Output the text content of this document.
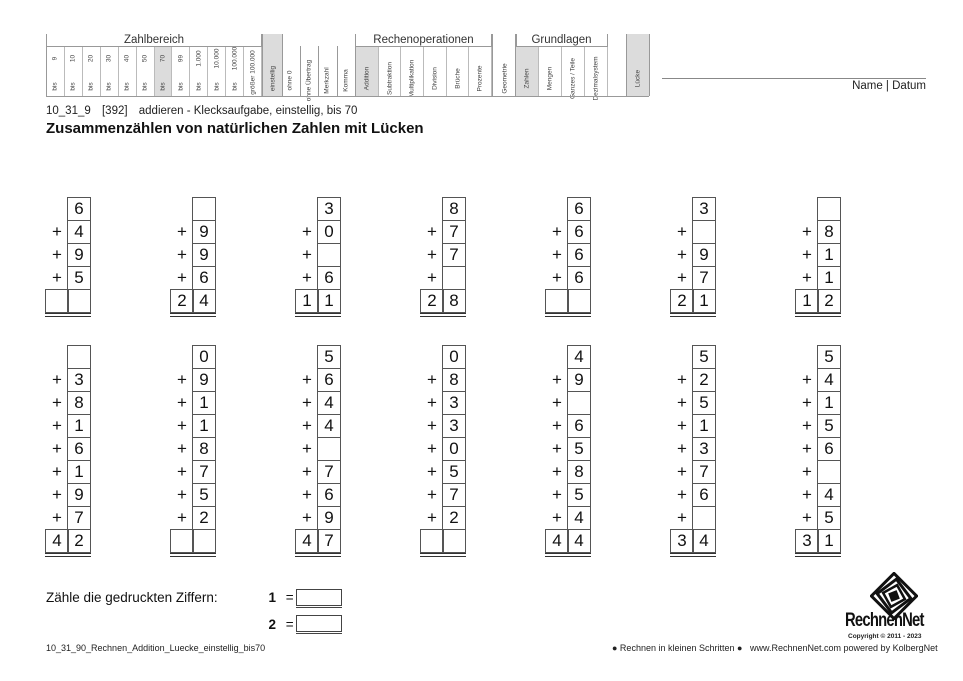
Zahlbereich
9
bis
10
bis
20
bis
30
bis
40
bis
50
bis
70
bis
99
bis
1.000
bis
10.000
bis
100.000
bis größer 100.000 einstellig ohne 0 ohne Übertrag Merkzahl Komma
Rechenoperationen
Addition Subtraktion Multiplikation Division Brüche Prozente	Geometrie
Grundlagen
Zahlen Mengen Ganzes / Teile Dezimalsystem	Lücke	Name | Datum
10_31_9 [392] addieren - Klecksaufgabe, einstellig, bis 70
Zusammenzählen von natürlichen Zahlen mit Lücken
6
+ 4
+ 9
+ 5
+ 9
+ 9
+ 6
2 4
3
+ 0
+
+ 6
1 1
8
+ 7
+ 7
+
2 8
6
+ 6
+ 6
+ 6
3
+
+ 9
+ 7
2 1
+ 8
+ 1
+ 1
1 2
+ 3
+ 8
+ 1
+ 6
+ 1
+ 9
+ 7
4 2
0
+ 9
+ 1
+ 1
+ 8
+ 7
+ 5
+ 2
5
+ 6
+ 4
+ 4
+
+ 7
+ 6
+ 9
4 7
0
+ 8
+ 3
+ 3
+ 0
+ 5
+ 7
+ 2
4
+ 9
+
+ 6
+ 5
+ 8
+ 5
+ 4
4 4
5
+ 2
+ 5
+ 1
+ 3
+ 7
+ 6
+
3 4
5
+ 4
+ 1
+ 5
+ 6
+
+ 4
+ 5
3 1
Zähle die gedruckten Ziffern:	1 =
2 =	RechnenNet
Copyright © 2011 - 2023
10_31_90_Rechnen_Addition_Luecke_einstellig_bis70	● Rechnen in kleinen Schritten ● www.RechnenNet.com powered by KolbergNet
